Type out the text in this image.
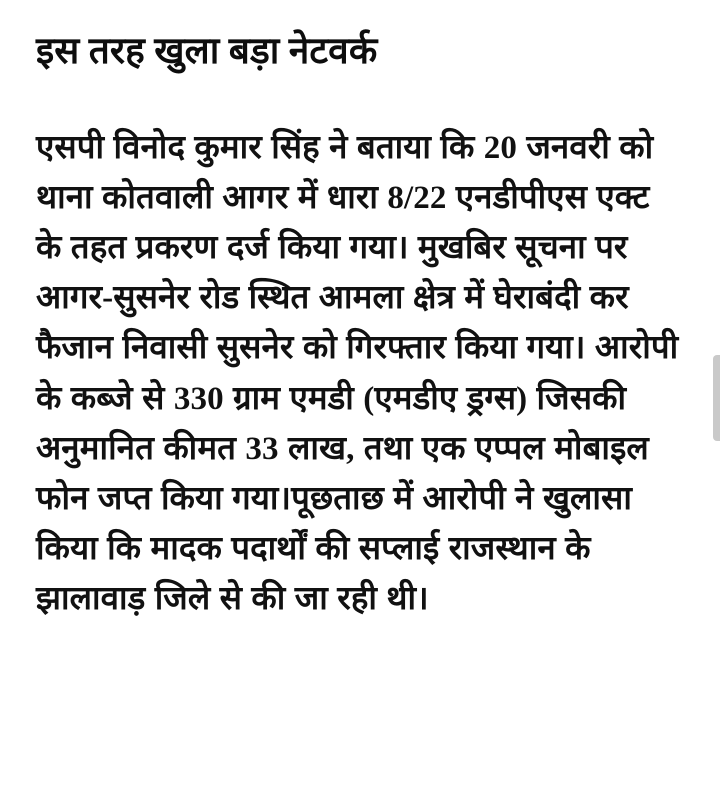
इस तरह खुला बड़ा नेटवर्क

एसपी विनोद कुमार सिंह ने बताया कि 20 जनवरी को थाना कोतवाली आगर में धारा 8/22 एनडीपीएस एक्ट के तहत प्रकरण दर्ज किया गया। मुखबिर सूचना पर आगर-सुसनेर रोड स्थित आमला क्षेत्र में घेराबंदी कर फैजान निवासी सुसनेर को गिरफ्तार किया गया। आरोपी के कब्जे से 330 ग्राम एमडी (एमडीए ड्रग्स) जिसकी अनुमानित कीमत 33 लाख, तथा एक एप्पल मोबाइल फोन जप्त किया गया।पूछताछ में आरोपी ने खुलासा किया कि मादक पदार्थों की सप्लाई राजस्थान के झालावाड़ जिले से की जा रही थी।
